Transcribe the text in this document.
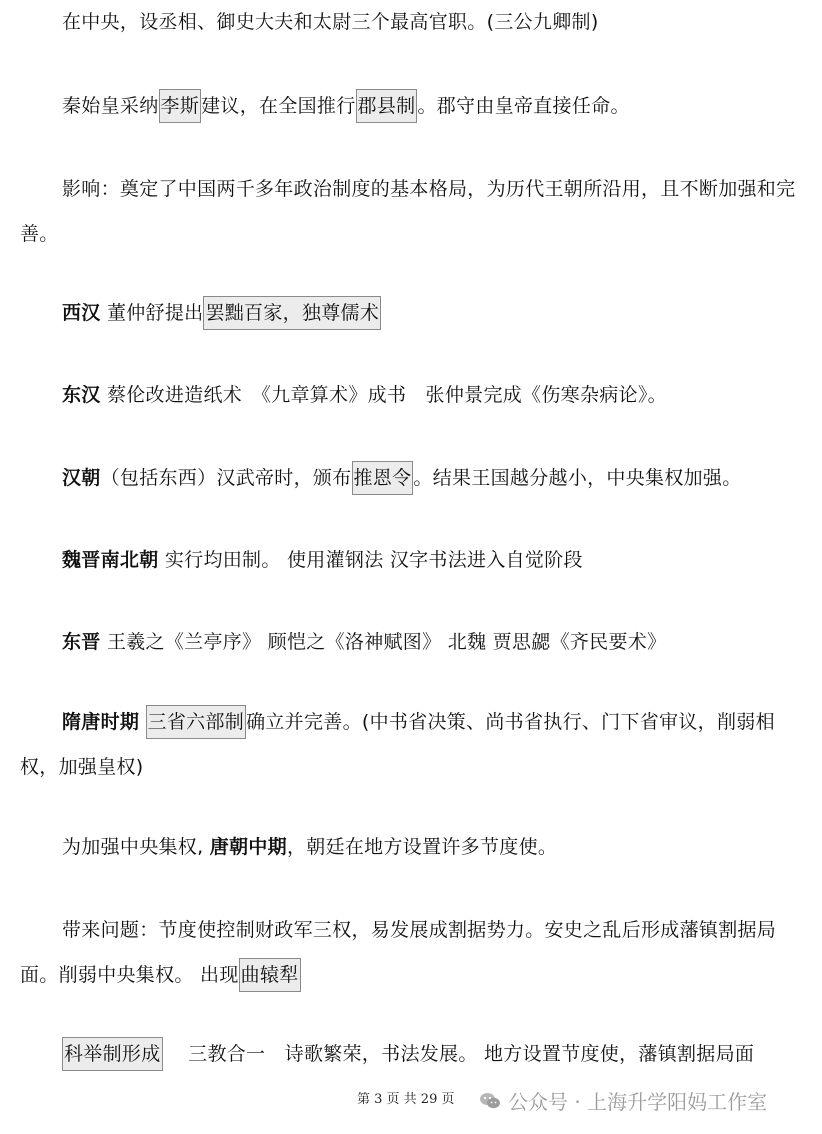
在中央，设丞相、御史大夫和太尉三个最高官职。(三公九卿制)

秦始皇采纳 李斯 建议，在全国推行 郡县制 。郡守由皇帝直接任命。

影响：奠定了中国两千多年政治制度的基本格局，为历代王朝所沿用，且不断加强和完善。

西汉 董仲舒提出 罢黜百家，独尊儒术

东汉 蔡伦改进造纸术　《九章算术》成书　张仲景完成《伤寒杂病论》。

汉朝（包括东西）汉武帝时，颁布 推恩令 。结果王国越分越小，中央集权加强。

魏晋南北朝 实行均田制。 使用灌钢法 汉字书法进入自觉阶段

东晋 王羲之《兰亭序》 顾恺之《洛神赋图》 北魏 贾思勰《齐民要术》

隋唐时期 三省六部制 确立并完善。(中书省决策、尚书省执行、门下省审议，削弱相权，加强皇权)

为加强中央集权, 唐朝中期，朝廷在地方设置许多节度使。

带来问题：节度使控制财政军三权，易发展成割据势力。安史之乱后形成藩镇割据局面。削弱中央集权。 出现 曲辕犁

科举制形成　 三教合一　诗歌繁荣，书法发展。 地方设置节度使，藩镇割据局面

第 3 页 共 29 页	公众号 · 上海升学阳妈工作室
